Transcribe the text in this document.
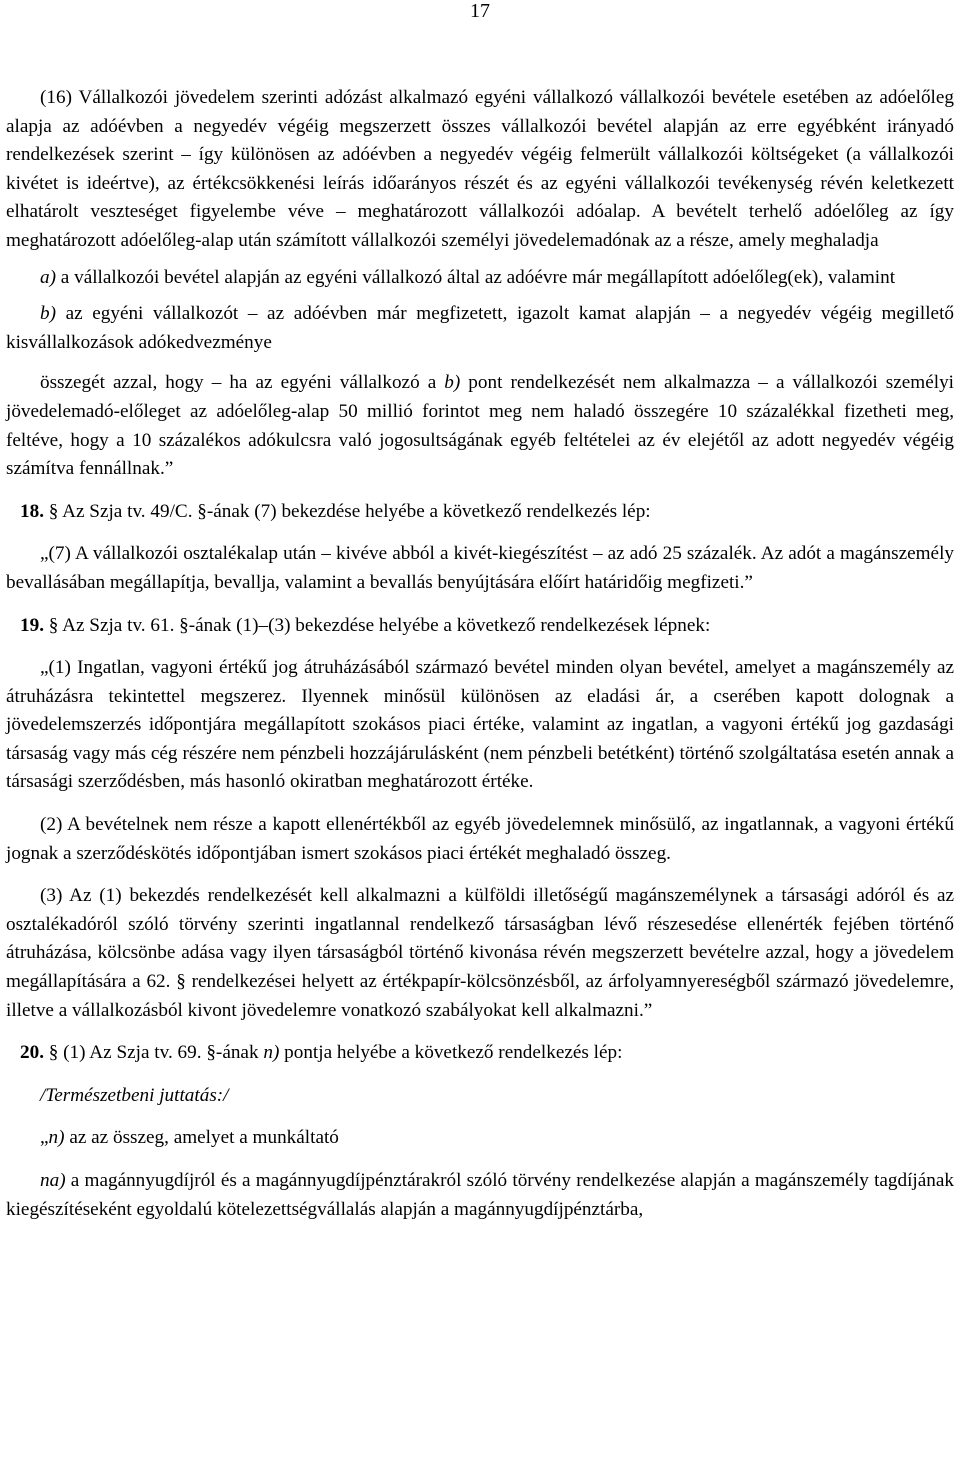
17

(16) Vállalkozói jövedelem szerinti adózást alkalmazó egyéni vállalkozó vállalkozói bevétele esetében az adóelőleg alapja az adóévben a negyedév végéig megszerzett összes vállalkozói bevétel alapján az erre egyébként irányadó rendelkezések szerint – így különösen az adóévben a negyedév végéig felmerült vállalkozói költségeket (a vállalkozói kivétet is ideértve), az értékcsökkenési leírás időarányos részét és az egyéni vállalkozói tevékenység révén keletkezett elhatárolt veszteséget figyelembe véve – meghatározott vállalkozói adóalap. A bevételt terhelő adóelőleg az így meghatározott adóelőleg-alap után számított vállalkozói személyi jövedelemadónak az a része, amely meghaladja

a) a vállalkozói bevétel alapján az egyéni vállalkozó által az adóévre már megállapított adóelőleg(ek), valamint

b) az egyéni vállalkozót – az adóévben már megfizetett, igazolt kamat alapján – a negyedév végéig megillető kisvállalkozások adókedvezménye

összegét azzal, hogy – ha az egyéni vállalkozó a b) pont rendelkezését nem alkalmazza – a vállalkozói személyi jövedelemadó-előleget az adóelőleg-alap 50 millió forintot meg nem haladó összegére 10 százalékkal fizetheti meg, feltéve, hogy a 10 százalékos adókulcsra való jogosultságának egyéb feltételei az év elejétől az adott negyedév végéig számítva fennállnak.”

18. § Az Szja tv. 49/C. §-ának (7) bekezdése helyébe a következő rendelkezés lép:

„(7) A vállalkozói osztalékalap után – kivéve abból a kivét-kiegészítést – az adó 25 százalék. Az adót a magánszemély bevallásában megállapítja, bevallja, valamint a bevallás benyújtására előírt határidőig megfizeti.”

19. § Az Szja tv. 61. §-ának (1)–(3) bekezdése helyébe a következő rendelkezések lépnek:

„(1) Ingatlan, vagyoni értékű jog átruházásából származó bevétel minden olyan bevétel, amelyet a magánszemély az átruházásra tekintettel megszerez. Ilyennek minősül különösen az eladási ár, a cserében kapott dolognak a jövedelemszerzés időpontjára megállapított szokásos piaci értéke, valamint az ingatlan, a vagyoni értékű jog gazdasági társaság vagy más cég részére nem pénzbeli hozzájárulásként (nem pénzbeli betétként) történő szolgáltatása esetén annak a társasági szerződésben, más hasonló okiratban meghatározott értéke.

(2) A bevételnek nem része a kapott ellenértékből az egyéb jövedelemnek minősülő, az ingatlannak, a vagyoni értékű jognak a szerződéskötés időpontjában ismert szokásos piaci értékét meghaladó összeg.

(3) Az (1) bekezdés rendelkezését kell alkalmazni a külföldi illetőségű magánszemélynek a társasági adóról és az osztalékadóról szóló törvény szerinti ingatlannal rendelkező társaságban lévő részesedése ellenérték fejében történő átruházása, kölcsönbe adása vagy ilyen társaságból történő kivonása révén megszerzett bevételre azzal, hogy a jövedelem megállapítására a 62. § rendelkezései helyett az értékpapír-kölcsönzésből, az árfolyamnyereségből származó jövedelemre, illetve a vállalkozásból kivont jövedelemre vonatkozó szabályokat kell alkalmazni.”

20. § (1) Az Szja tv. 69. §-ának n) pontja helyébe a következő rendelkezés lép:

/Természetbeni juttatás:/

„n) az az összeg, amelyet a munkáltató

na) a magánnyugdíjról és a magánnyugdíjpénztárakról szóló törvény rendelkezése alapján a magánszemély tagdíjának kiegészítéseként egyoldalú kötelezettségvállalás alapján a magánnyugdíjpénztárba,
